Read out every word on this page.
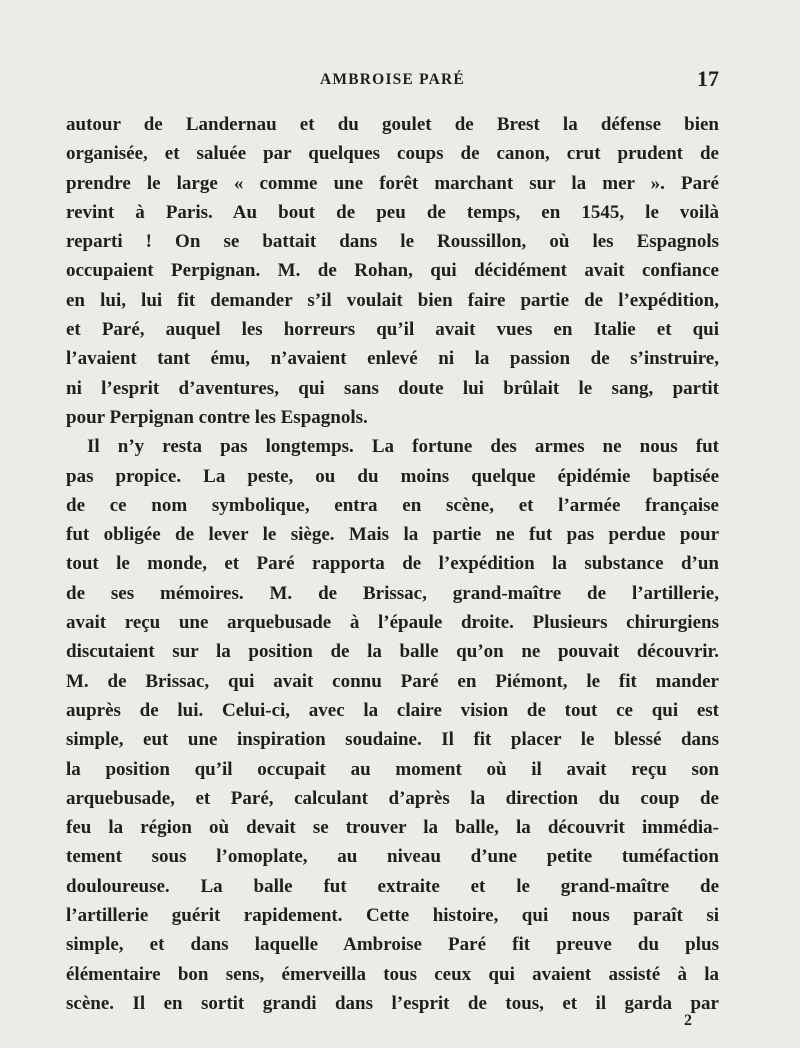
AMBROISE PARÉ	17

autour de Landernau et du goulet de Brest la défense bien
organisée, et saluée par quelques coups de canon, crut prudent de
prendre le large « comme une forêt marchant sur la mer ». Paré
revint à Paris. Au bout de peu de temps, en 1545, le voilà
reparti ! On se battait dans le Roussillon, où les Espagnols
occupaient Perpignan. M. de Rohan, qui décidément avait confiance
en lui, lui fit demander s’il voulait bien faire partie de l’expédition,
et Paré, auquel les horreurs qu’il avait vues en Italie et qui
l’avaient tant ému, n’avaient enlevé ni la passion de s’instruire,
ni l’esprit d’aventures, qui sans doute lui brûlait le sang, partit
pour Perpignan contre les Espagnols.

Il n’y resta pas longtemps. La fortune des armes ne nous fut
pas propice. La peste, ou du moins quelque épidémie baptisée
de ce nom symbolique, entra en scène, et l’armée française
fut obligée de lever le siège. Mais la partie ne fut pas perdue pour
tout le monde, et Paré rapporta de l’expédition la substance d’un
de ses mémoires. M. de Brissac, grand-maître de l’artillerie,
avait reçu une arquebusade à l’épaule droite. Plusieurs chirurgiens
discutaient sur la position de la balle qu’on ne pouvait découvrir.
M. de Brissac, qui avait connu Paré en Piémont, le fit mander
auprès de lui. Celui-ci, avec la claire vision de tout ce qui est
simple, eut une inspiration soudaine. Il fit placer le blessé dans
la position qu’il occupait au moment où il avait reçu son
arquebusade, et Paré, calculant d’après la direction du coup de
feu la région où devait se trouver la balle, la découvrit immédia-
tement sous l’omoplate, au niveau d’une petite tuméfaction
douloureuse. La balle fut extraite et le grand-maître de
l’artillerie guérit rapidement. Cette histoire, qui nous paraît si
simple, et dans laquelle Ambroise Paré fit preuve du plus
élémentaire bon sens, émerveilla tous ceux qui avaient assisté à la
scène. Il en sortit grandi dans l’esprit de tous, et il garda par

2
